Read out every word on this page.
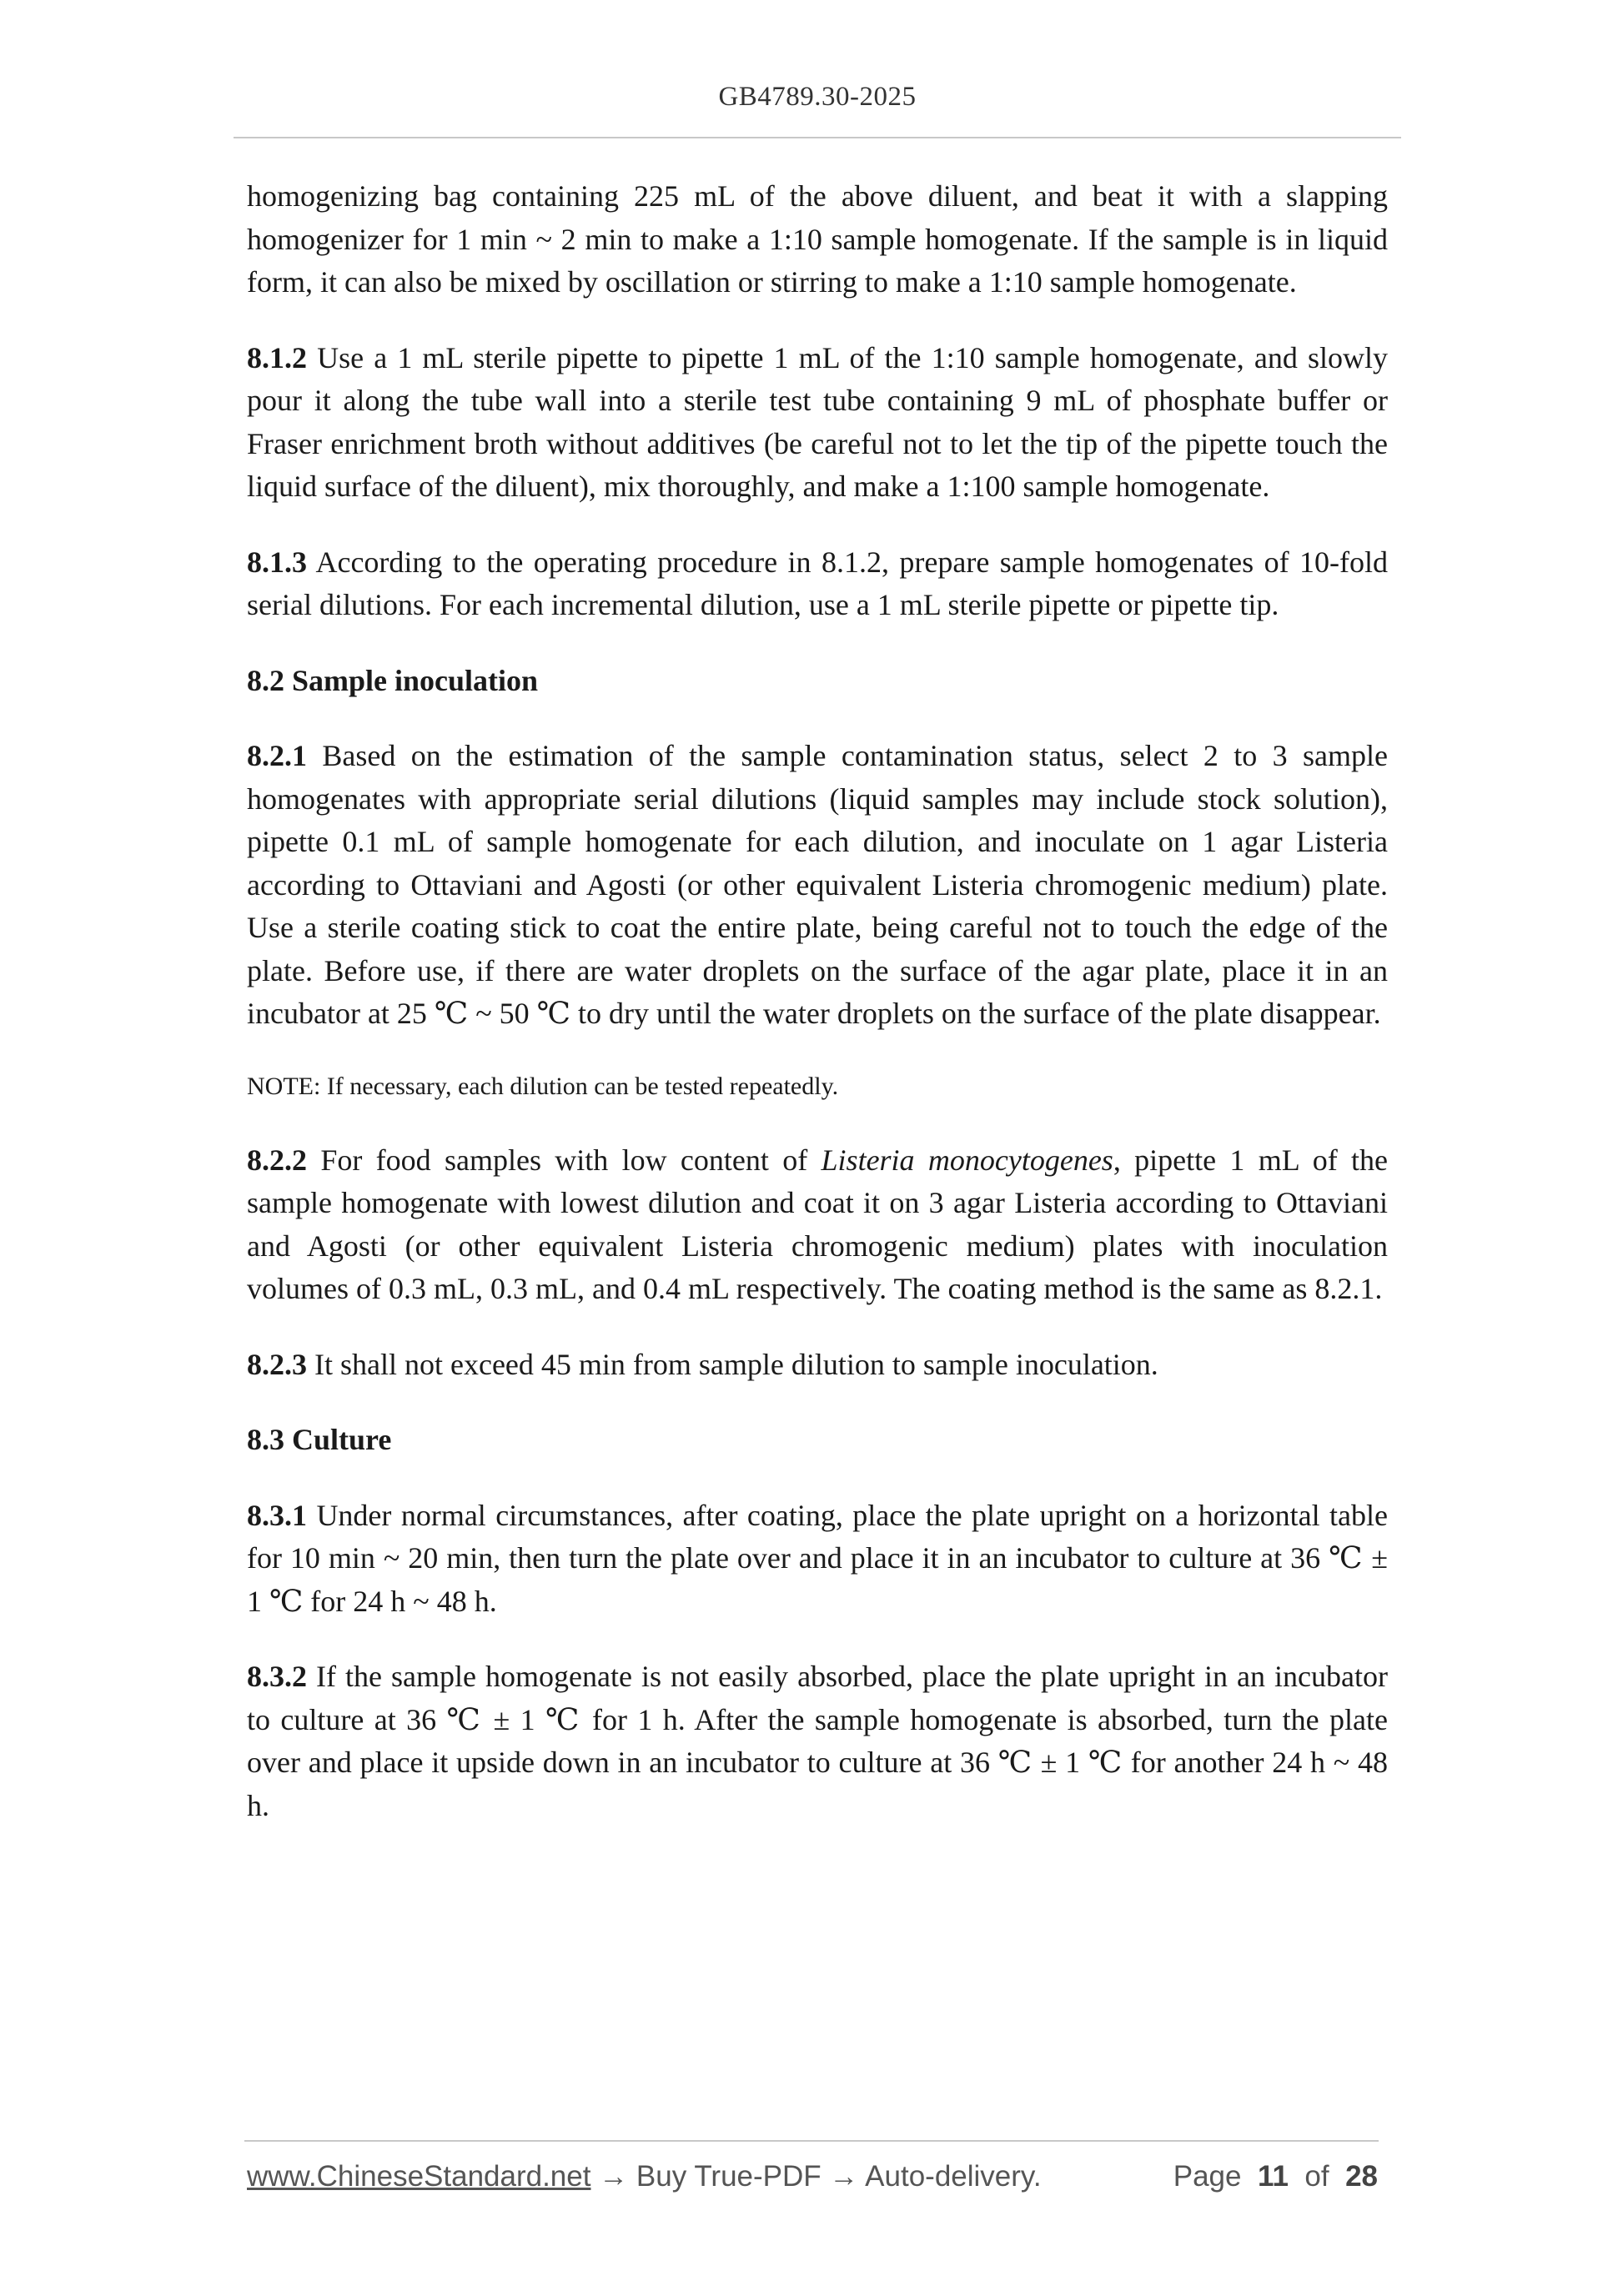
GB4789.30-2025

homogenizing bag containing 225 mL of the above diluent, and beat it with a slapping homogenizer for 1 min ~ 2 min to make a 1:10 sample homogenate. If the sample is in liquid form, it can also be mixed by oscillation or stirring to make a 1:10 sample homogenate.

8.1.2 Use a 1 mL sterile pipette to pipette 1 mL of the 1:10 sample homogenate, and slowly pour it along the tube wall into a sterile test tube containing 9 mL of phosphate buffer or Fraser enrichment broth without additives (be careful not to let the tip of the pipette touch the liquid surface of the diluent), mix thoroughly, and make a 1:100 sample homogenate.

8.1.3 According to the operating procedure in 8.1.2, prepare sample homogenates of 10-fold serial dilutions. For each incremental dilution, use a 1 mL sterile pipette or pipette tip.

8.2 Sample inoculation

8.2.1 Based on the estimation of the sample contamination status, select 2 to 3 sample homogenates with appropriate serial dilutions (liquid samples may include stock solution), pipette 0.1 mL of sample homogenate for each dilution, and inoculate on 1 agar Listeria according to Ottaviani and Agosti (or other equivalent Listeria chromogenic medium) plate. Use a sterile coating stick to coat the entire plate, being careful not to touch the edge of the plate. Before use, if there are water droplets on the surface of the agar plate, place it in an incubator at 25 ℃ ~ 50 ℃ to dry until the water droplets on the surface of the plate disappear.

NOTE: If necessary, each dilution can be tested repeatedly.

8.2.2 For food samples with low content of Listeria monocytogenes, pipette 1 mL of the sample homogenate with lowest dilution and coat it on 3 agar Listeria according to Ottaviani and Agosti (or other equivalent Listeria chromogenic medium) plates with inoculation volumes of 0.3 mL, 0.3 mL, and 0.4 mL respectively. The coating method is the same as 8.2.1.

8.2.3 It shall not exceed 45 min from sample dilution to sample inoculation.

8.3 Culture

8.3.1 Under normal circumstances, after coating, place the plate upright on a horizontal table for 10 min ~ 20 min, then turn the plate over and place it in an incubator to culture at 36 ℃ ± 1 ℃ for 24 h ~ 48 h.

8.3.2 If the sample homogenate is not easily absorbed, place the plate upright in an incubator to culture at 36 ℃ ± 1 ℃ for 1 h. After the sample homogenate is absorbed, turn the plate over and place it upside down in an incubator to culture at 36 ℃ ± 1 ℃ for another 24 h ~ 48 h.

www.ChineseStandard.net → Buy True-PDF → Auto-delivery.	Page 11 of 28
